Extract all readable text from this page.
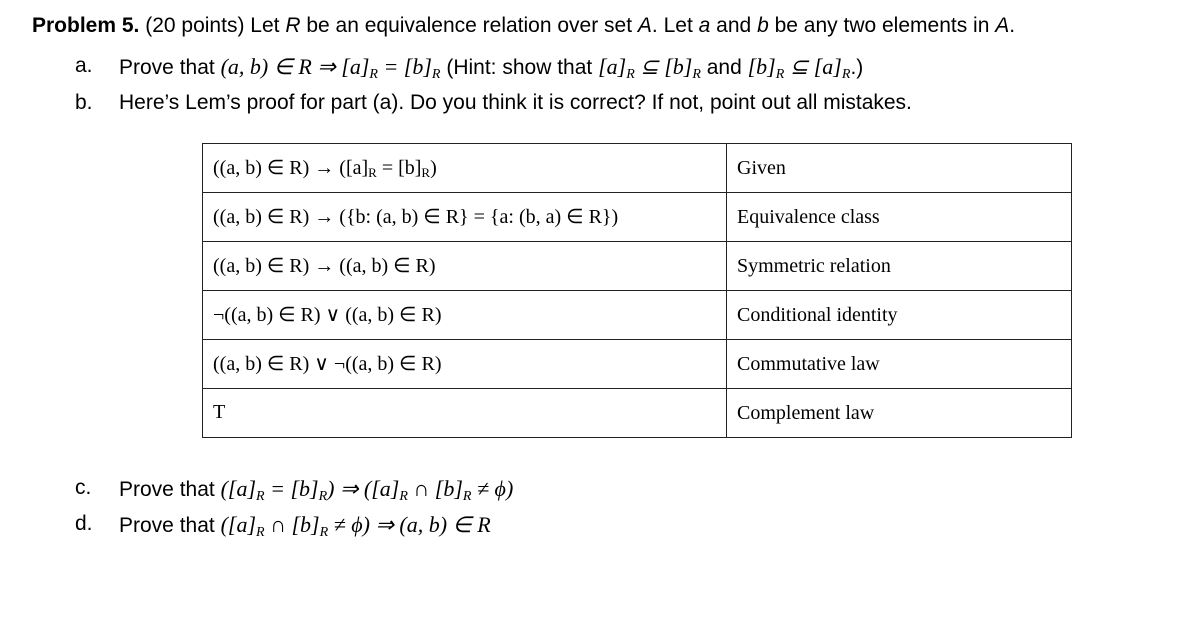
Problem 5. (20 points) Let R be an equivalence relation over set A. Let a and b be any two elements in A.
a. Prove that (a, b) ∈ R ⇒ $[a]_R = [b]_R$ (Hint: show that $[a]_R$ ⊆ $[b]_R$ and $[b]_R$ ⊆ $[a]_R$.)
b. Here’s Lem’s proof for part (a). Do you think it is correct? If not, point out all mistakes.
((a, b) ∈ R) → ([a]R = [b]R)	Given
((a, b) ∈ R) → ({b: (a, b) ∈ R} = {a: (b, a) ∈ R})	Equivalence class
((a, b) ∈ R) → ((a, b) ∈ R)	Symmetric relation
¬((a, b) ∈ R) ∨ ((a, b) ∈ R)	Conditional identity
((a, b) ∈ R) ∨ ¬((a, b) ∈ R)	Commutative law
T	Complement law
c. Prove that $([a]_R = [b]_R)$ ⇒ ($[a]_R$ ∩ $[b]_R \ne \phi$)
d. Prove that ($[a]_R$ ∩ $[b]_R \ne \phi$) ⇒ (a, b) ∈ R
